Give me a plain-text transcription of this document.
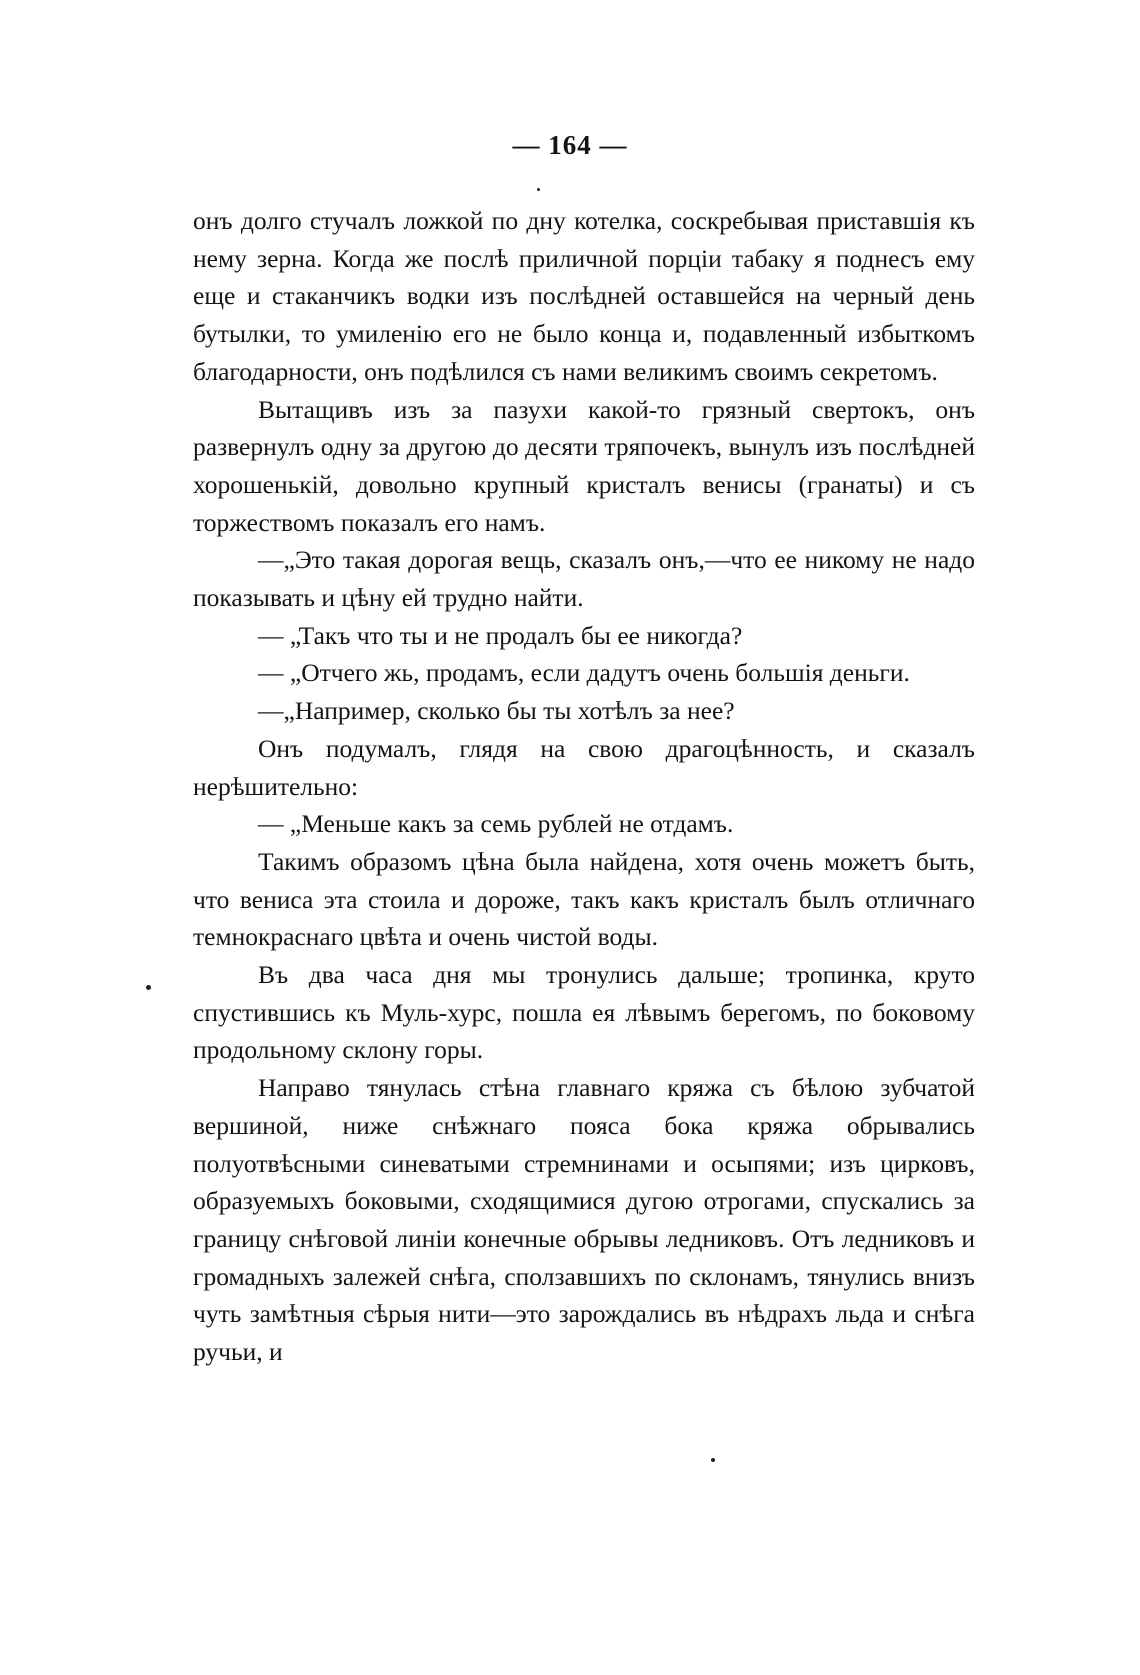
— 164 —

онъ долго стучалъ ложкой по дну котелка, соскребывая приставшія къ нему зерна. Когда же послѣ приличной порціи табаку я поднесъ ему еще и стаканчикъ водки изъ послѣдней оставшейся на черный день бутылки, то умиленію его не было конца и, подавленный избыткомъ благодарности, онъ подѣлился съ нами великимъ своимъ секретомъ.

Вытащивъ изъ за пазухи какой-то грязный свертокъ, онъ развернулъ одну за другою до десяти тряпочекъ, вынулъ изъ послѣдней хорошенькій, довольно крупный кристалъ венисы (гранаты) и съ торжествомъ показалъ его намъ.

—„Это такая дорогая вещь, сказалъ онъ,—что ее никому не надо показывать и цѣну ей трудно найти.

— „Такъ что ты и не продалъ бы ее никогда?

— „Отчего жь, продамъ, если дадутъ очень большія деньги.

—„Например, сколько бы ты хотѣлъ за нее?

Онъ подумалъ, глядя на свою драгоцѣнность, и сказалъ нерѣшительно:

— „Меньше какъ за семь рублей не отдамъ.

Такимъ образомъ цѣна была найдена, хотя очень можетъ быть, что вениса эта стоила и дороже, такъ какъ кристалъ былъ отличнаго темнокраснаго цвѣта и очень чистой воды.

Въ два часа дня мы тронулись дальше; тропинка, круто спустившись къ Муль-хурс, пошла ея лѣвымъ берегомъ, по боковому продольному склону горы.

Направо тянулась стѣна главнаго кряжа съ бѣлою зубчатой вершиной, ниже снѣжнаго пояса бока кряжа обрывались полуотвѣсными синеватыми стремнинами и осыпями; изъ цирковъ, образуемыхъ боковыми, сходящимися дугою отрогами, спускались за границу снѣговой линіи конечные обрывы ледниковъ. Отъ ледниковъ и громадныхъ залежей снѣга, сползавшихъ по склонамъ, тянулись внизъ чуть замѣтныя сѣрыя нити—это зарождались въ нѣдрахъ льда и снѣга ручьи, и
